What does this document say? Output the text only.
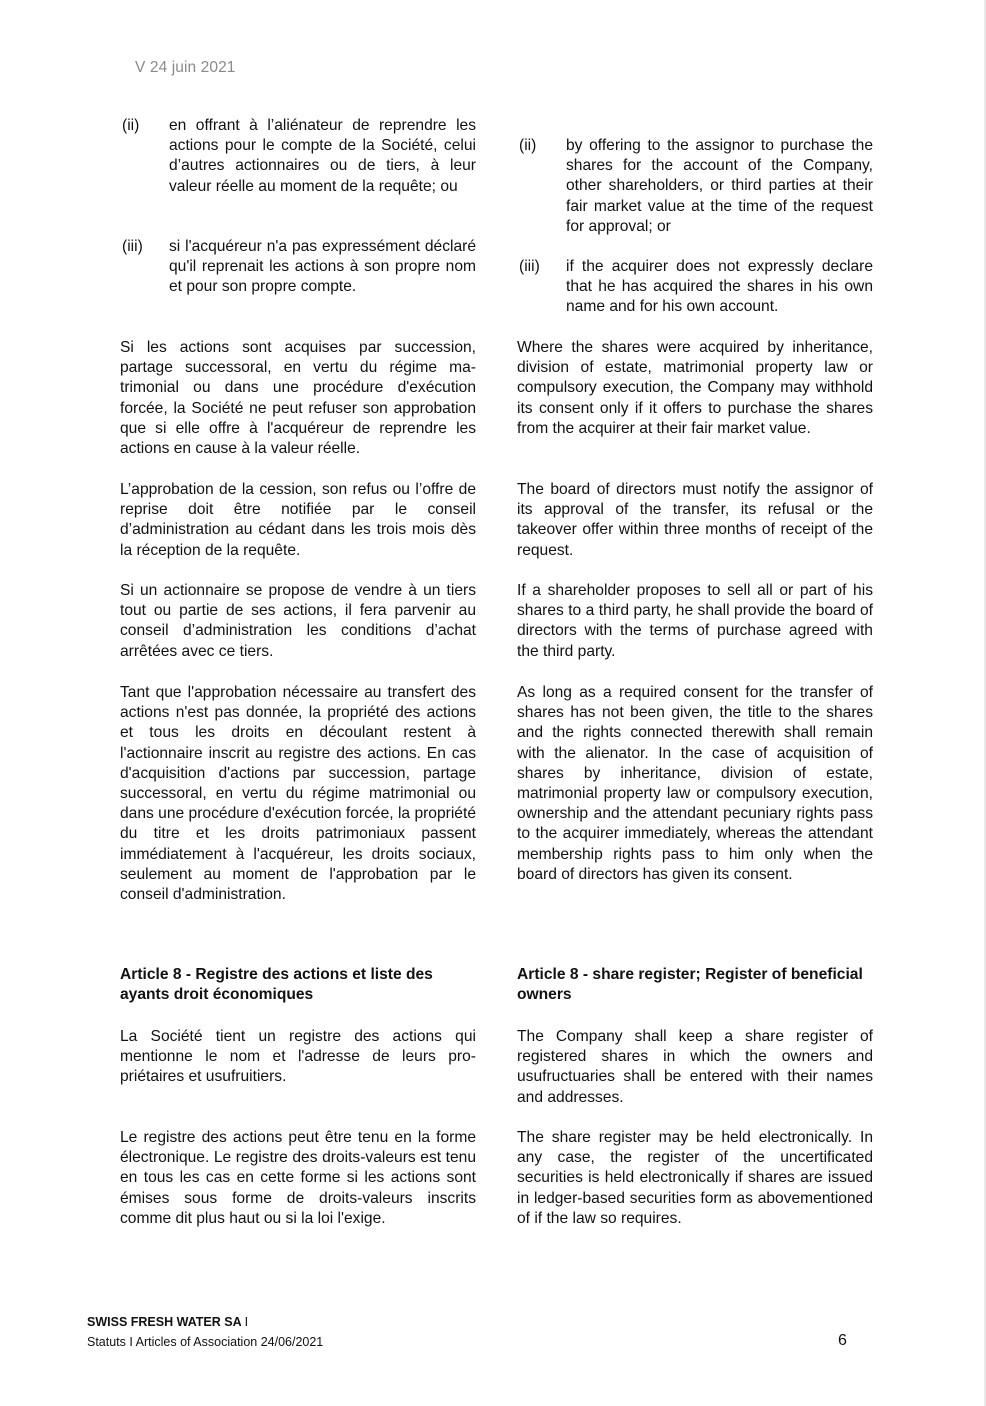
V 24 juin 2021
(ii)	en offrant à l’aliénateur de reprendre les actions pour le compte de la Société, celui d’autres actionnaires ou de tiers, à leur valeur réelle au moment de la requête; ou
(iii)	si l'acquéreur n'a pas expressément déclaré qu'il reprenait les actions à son propre nom et pour son propre compte.

Si les actions sont acquises par succession, partage successoral, en vertu du régime matrimonial ou dans une procédure d'exécution forcée, la Société ne peut refuser son approbation que si elle offre à l'acquéreur de reprendre les actions en cause à la valeur réelle.

L’approbation de la cession, son refus ou l’offre de reprise doit être notifiée par le conseil d’administration au cédant dans les trois mois dès la réception de la requête.

Si un actionnaire se propose de vendre à un tiers tout ou partie de ses actions, il fera parvenir au conseil d’administration les conditions d’achat arrêtées avec ce tiers.

Tant que l'approbation nécessaire au transfert des actions n'est pas donnée, la propriété des actions et tous les droits en découlant restent à l'actionnaire inscrit au registre des actions. En cas d'acquisition d'actions par succession, partage successoral, en vertu du régime matrimonial ou dans une procédure d'exécution forcée, la propriété du titre et les droits patrimoniaux passent immédiatement à l'acquéreur, les droits sociaux, seulement au moment de l'approbation par le conseil d'administration.

Article 8 - Registre des actions et liste des ayants droit économiques

La Société tient un registre des actions qui mentionne le nom et l'adresse de leurs propriétaires et usufruitiers.

Le registre des actions peut être tenu en la forme électronique. Le registre des droits-valeurs est tenu en tous les cas en cette forme si les actions sont émises sous forme de droits-valeurs inscrits comme dit plus haut ou si la loi l'exige.

(ii)	by offering to the assignor to purchase the shares for the account of the Company, other shareholders, or third parties at their fair market value at the time of the request for approval; or
(iii)	if the acquirer does not expressly declare that he has acquired the shares in his own name and for his own account.

Where the shares were acquired by inheritance, division of estate, matrimonial property law or compulsory execution, the Company may withhold its consent only if it offers to purchase the shares from the acquirer at their fair market value.

The board of directors must notify the assignor of its approval of the transfer, its refusal or the takeover offer within three months of receipt of the request.

If a shareholder proposes to sell all or part of his shares to a third party, he shall provide the board of directors with the terms of purchase agreed with the third party.

As long as a required consent for the transfer of shares has not been given, the title to the shares and the rights connected therewith shall remain with the alienator. In the case of acquisition of shares by inheritance, division of estate, matrimonial property law or compulsory execution, ownership and the attendant pecuniary rights pass to the acquirer immediately, whereas the attendant membership rights pass to him only when the board of directors has given its consent.

Article 8 - share register; Register of beneficial owners

The Company shall keep a share register of registered shares in which the owners and usufructuaries shall be entered with their names and addresses.

The share register may be held electronically. In any case, the register of the uncertificated securities is held electronically if shares are issued in ledger-based securities form as abovementioned of if the law so requires.

SWISS FRESH WATER SA I
Statuts I Articles of Association 24/06/2021	6
